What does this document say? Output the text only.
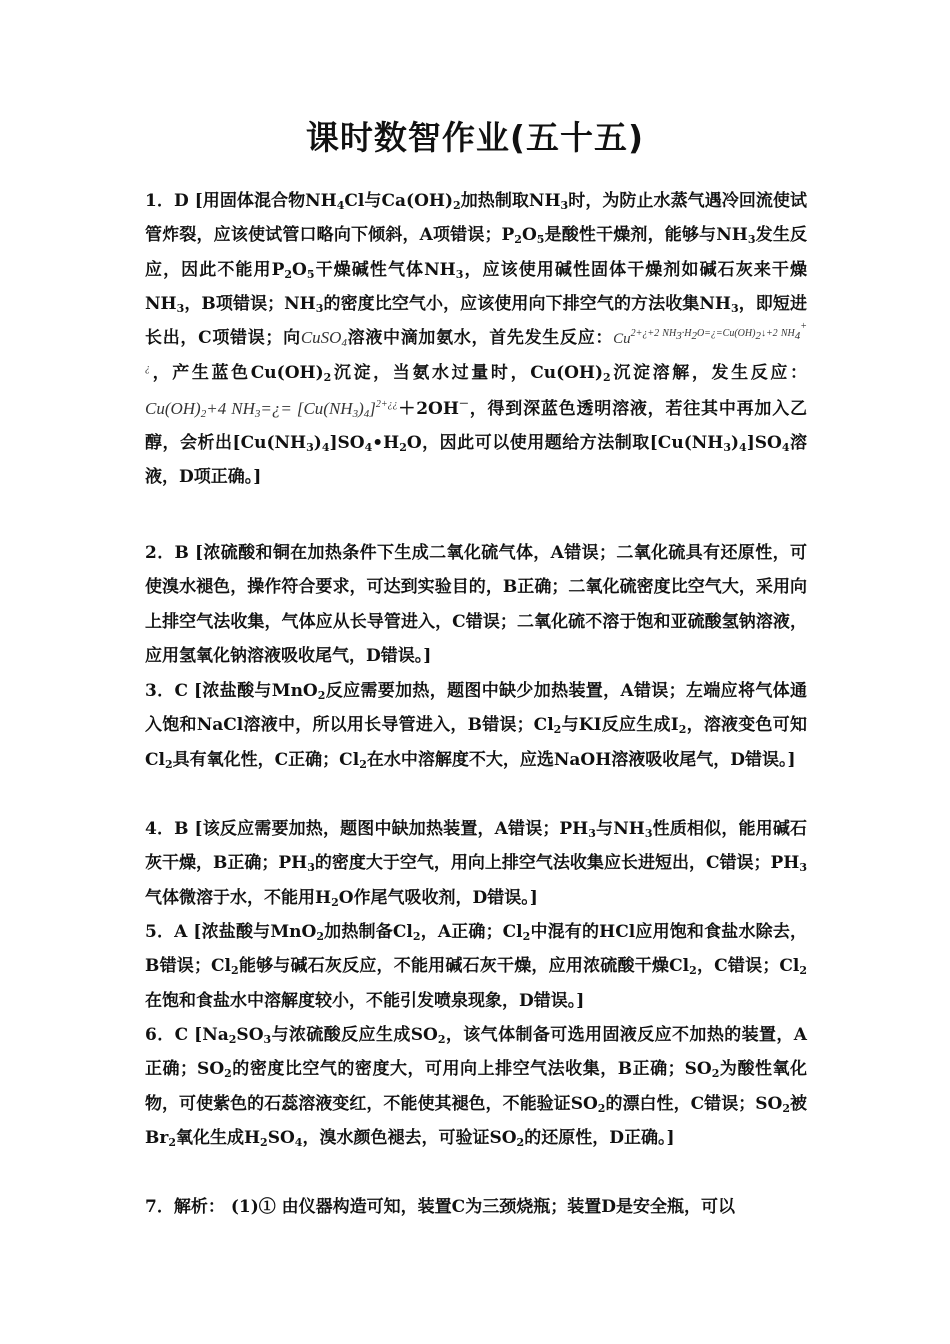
课时数智作业(五十五)

1．D [用固体混合物$NH_4Cl$与$Ca(OH)_2$加热制取$NH_3$时，为防止水蒸气遇冷回流使试管炸裂，应该使试管口略向下倾斜，A项错误；$P_2O_5$是酸性干燥剂，能够与$NH_3$发生反应，因此不能用$P_2O_5$干燥碱性气体$NH_3$，应该使用碱性固体干燥剂如碱石灰来干燥$NH_3$，B项错误；$NH_3$的密度比空气小，应该使用向下排空气的方法收集$NH_3$，即短进长出，C项错误；向CuSO$_4$溶液中滴加氨水，首先发生反应：$Cu^{2+¿+2 NH_3\cdot H_2O=¿=Cu(OH)_2↓+2 NH_4^+¿}$，产生蓝色$Cu(OH)_2$沉淀，当氨水过量时，$Cu(OH)_2$沉淀溶解，发生反应：$Cu(OH)_2+4$ $NH_3=¿= [Cu(NH_3)_4]^{2+¿¿}+2OH^-$，得到深蓝色透明溶液，若往其中再加入乙醇，会析出$[Cu(NH_3)_4]SO_4•H_2O$，因此可以使用题给方法制取$[Cu(NH_3)_4]SO_4$溶液，D项正确。]

2．B [浓硫酸和铜在加热条件下生成二氧化硫气体，A错误；二氧化硫具有还原性，可使溴水褪色，操作符合要求，可达到实验目的，B正确；二氧化硫密度比空气大，采用向上排空气法收集，气体应从长导管进入，C错误；二氧化硫不溶于饱和亚硫酸氢钠溶液，应用氢氧化钠溶液吸收尾气，D错误。]

3．C [浓盐酸与MnO$_2$反应需要加热，题图中缺少加热装置，A错误；左端应将气体通入饱和NaCl溶液中，所以用长导管进入，B错误；$Cl_2$与KI反应生成$I_2$，溶液变色可知$Cl_2$具有氧化性，C正确；$Cl_2$在水中溶解度不大，应选NaOH溶液吸收尾气，D错误。]

4．B [该反应需要加热，题图中缺加热装置，A错误；$PH_3$与$NH_3$性质相似，能用碱石灰干燥，B正确；$PH_3$的密度大于空气，用向上排空气法收集应长进短出，C错误；$PH_3$气体微溶于水，不能用$H_2O$作尾气吸收剂，D错误。]

5．A [浓盐酸与MnO$_2$加热制备$Cl_2$，A正确；$Cl_2$中混有的HCl应用饱和食盐水除去，B错误；$Cl_2$能够与碱石灰反应，不能用碱石灰干燥，应用浓硫酸干燥$Cl_2$，C错误；$Cl_2$在饱和食盐水中溶解度较小，不能引发喷泉现象，D错误。]

6．C [$Na_2SO_3$与浓硫酸反应生成$SO_2$，该气体制备可选用固液反应不加热的装置，A正确；$SO_2$的密度比空气的密度大，可用向上排空气法收集，B正确；$SO_2$为酸性氧化物，可使紫色的石蕊溶液变红，不能使其褪色，不能验证$SO_2$的漂白性，C错误；$SO_2$被$Br_2$氧化生成$H_2SO_4$，溴水颜色褪去，可验证$SO_2$的还原性，D正确。]

7．解析： (1)① 由仪器构造可知，装置C为三颈烧瓶；装置D是安全瓶，可以
